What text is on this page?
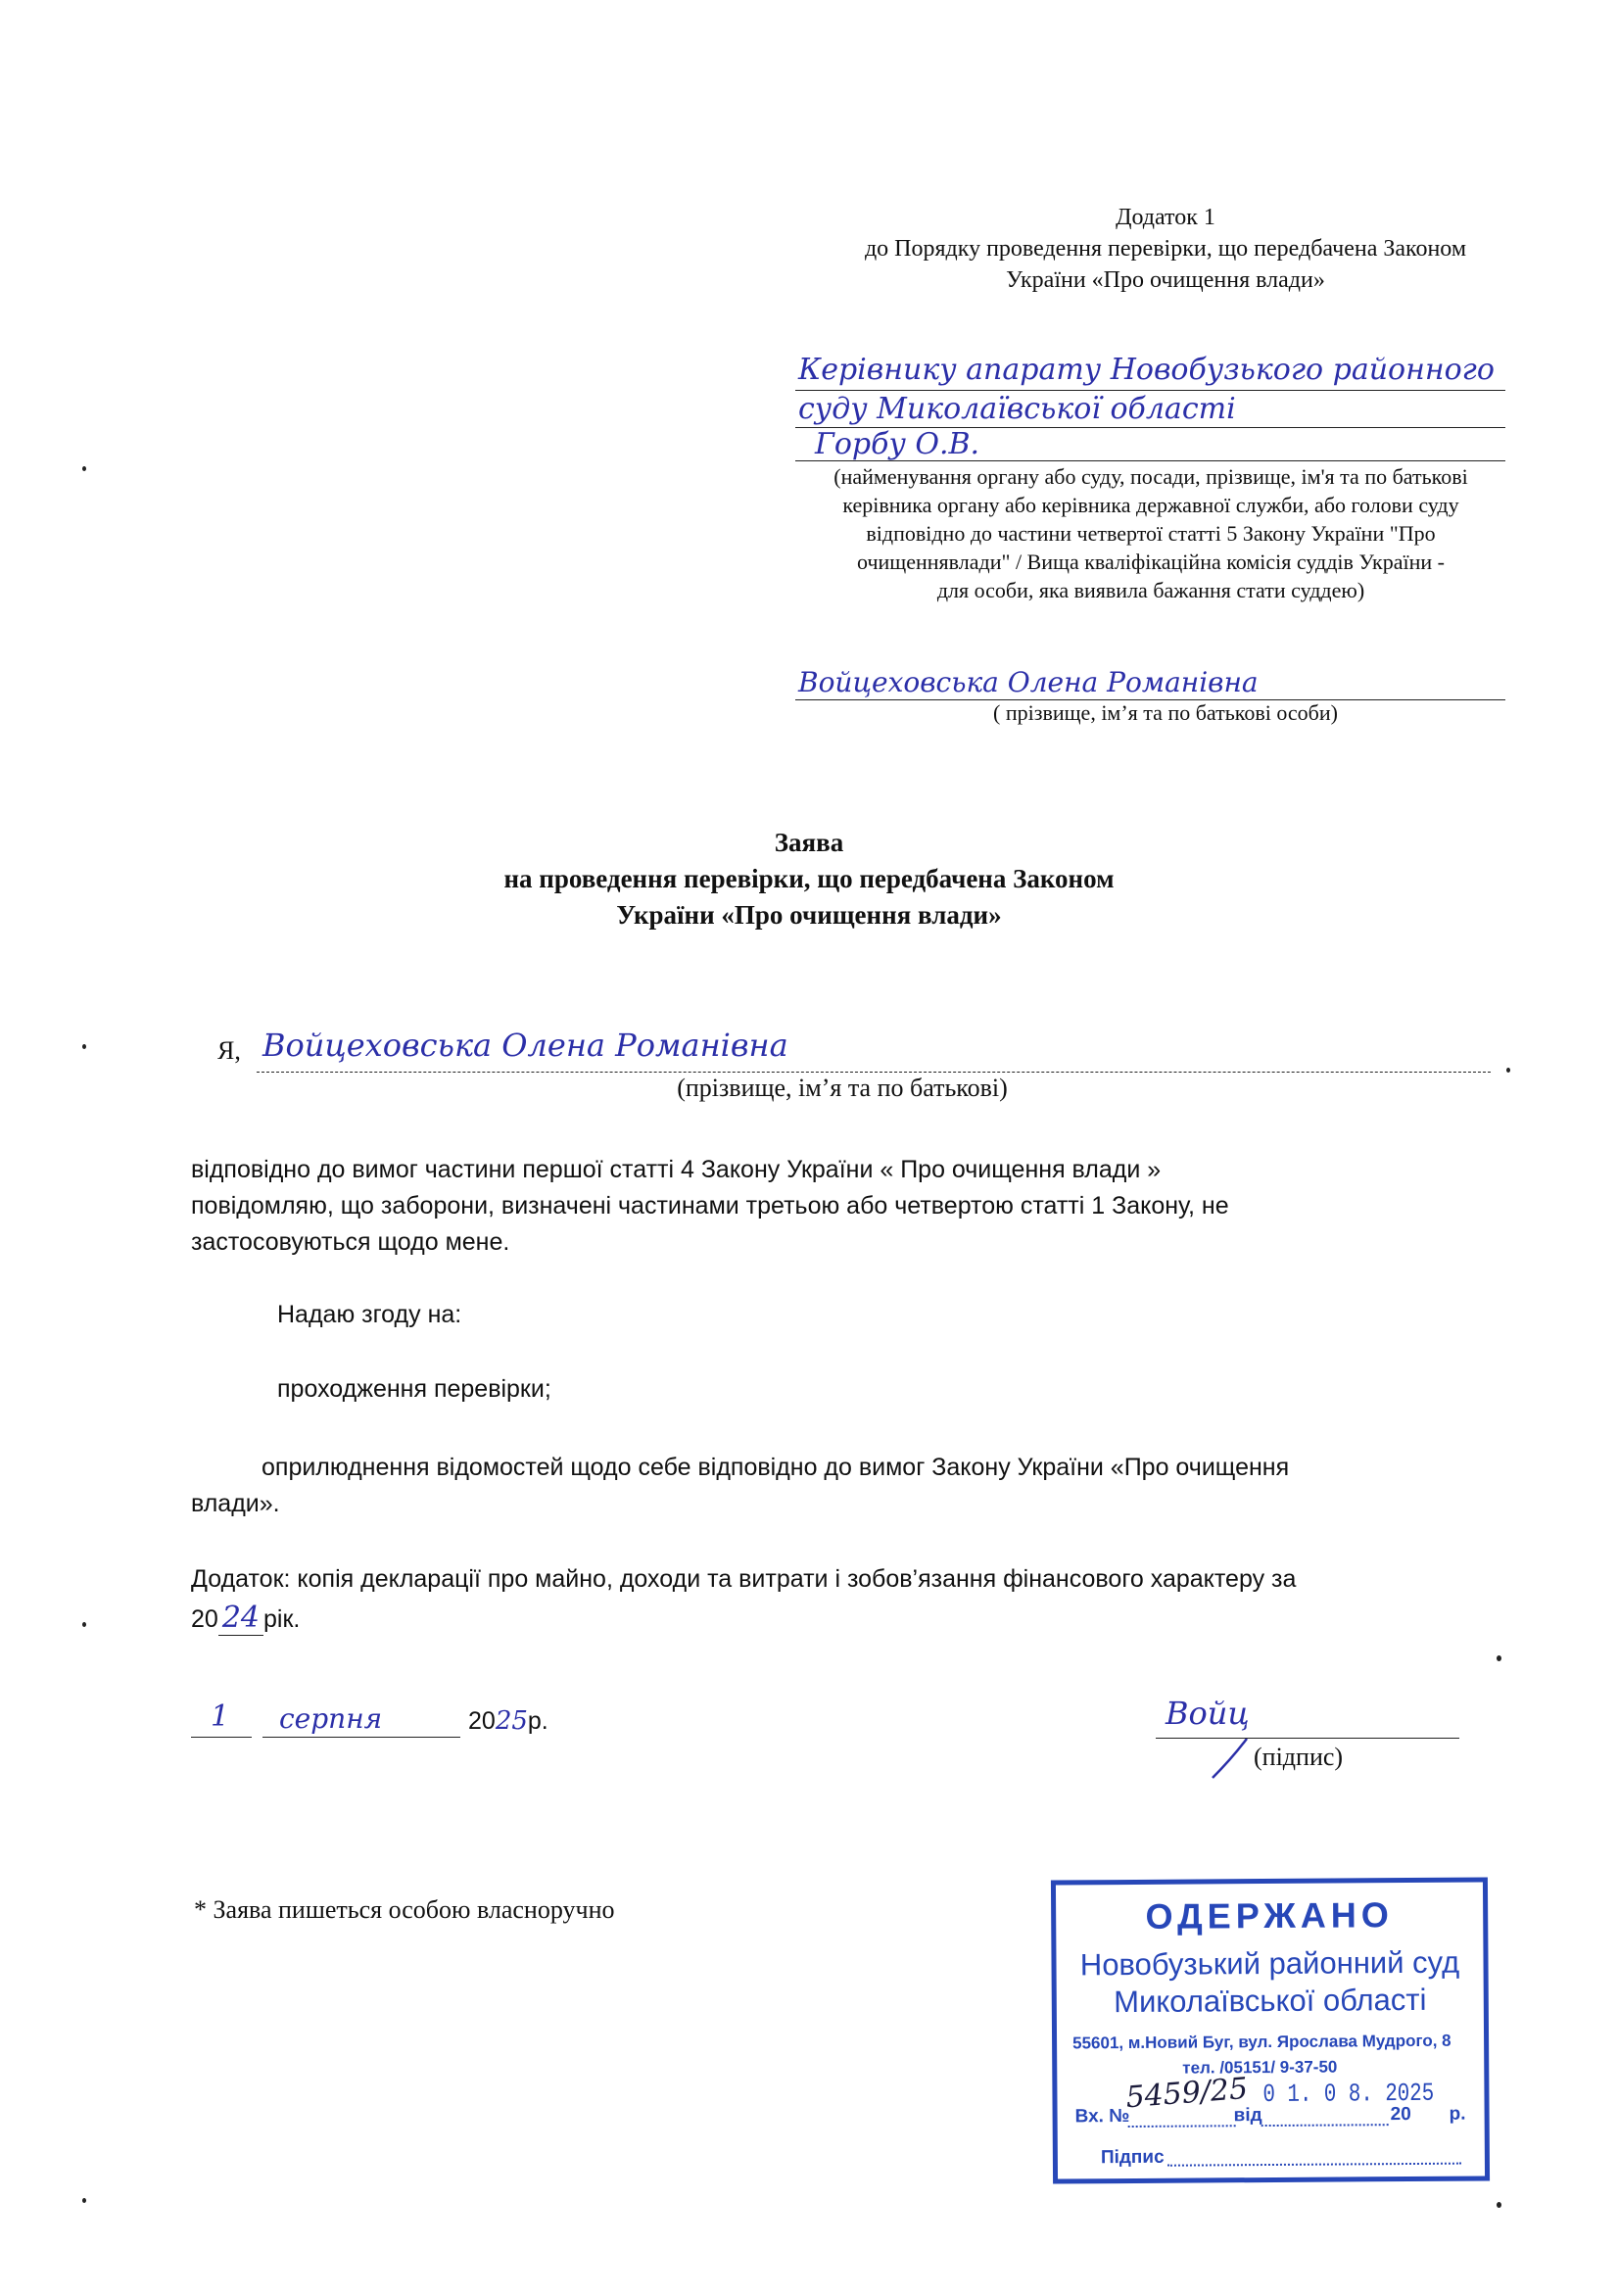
Додаток 1
до Порядку проведення перевірки, що передбачена Законом
України «Про очищення влади»
Керівнику апарату Новобузького районного
суду Миколаївської області
Горбу О.В.
(найменування органу або суду, посади, прізвище, ім'я та по батькові
керівника органу або керівника державної служби, або голови суду
відповідно до частини четвертої статті 5 Закону України "Про
очищеннявлади" / Вища кваліфікаційна комісія суддів України -
для особи, яка виявила бажання стати суддею)
Войцеховська Олена Романівна
( прізвище, ім’я та по батькові особи)
Заява
на проведення перевірки, що передбачена Законом
України «Про очищення влади»
Я, Войцеховська Олена Романівна
(прізвище, ім’я та по батькові)
відповідно до вимог частини першої статті 4 Закону України « Про очищення влади »
повідомляю, що заборони, визначені частинами третьою або четвертою статті 1 Закону, не
застосовуються щодо мене.
Надаю згоду на:
проходження перевірки;
оприлюднення відомостей щодо себе відповідно до вимог Закону України «Про очищення
влади».
Додаток: копія декларації про майно, доходи та витрати і зобов’язання фінансового характеру за
20 24 рік.
1 серпня	2025р.	Войц
(підпис)
* Заява пишеться особою власноручно	ОДЕРЖАНО
Новобузький районний суд
Миколаївської області
55601, м.Новий Буг, вул. Ярослава Мудрого, 8
тел. /05151/ 9-37-50
Вх. №
5459/25
від
0 1. 0 8. 2025
20 р.
Підпис
